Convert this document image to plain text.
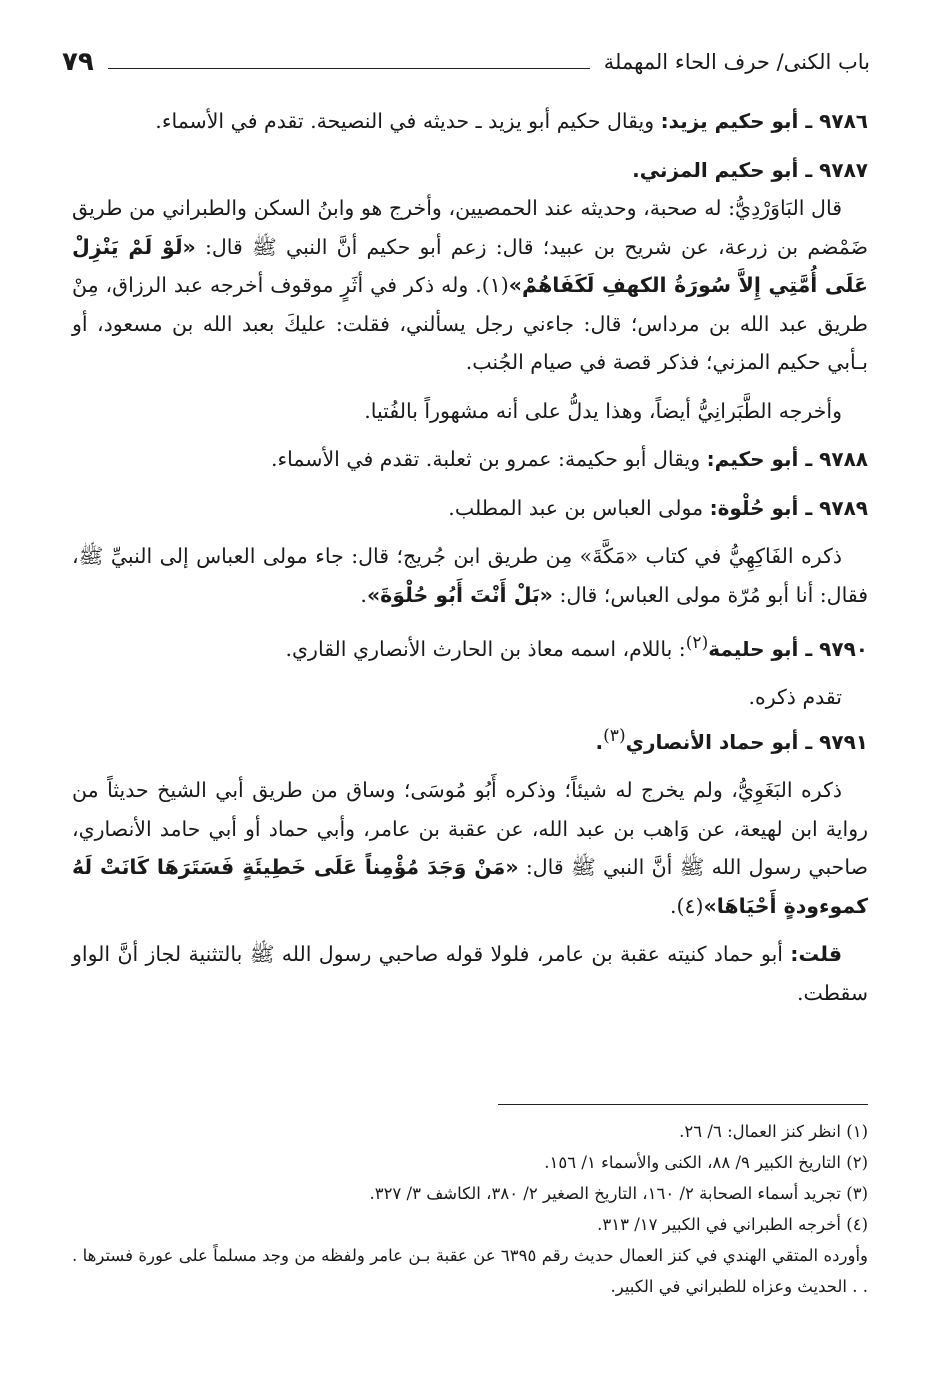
باب الكنى/ حرف الحاء المهملة
٧٩

٩٧٨٦ ـ أبو حكيم يزيد: ويقال حكيم أبو يزيد ـ حديثه في النصيحة. تقدم في الأسماء.

٩٧٨٧ ـ أبو حكيم المزني.

قال البَاوَرْدِيُّ: له صحبة، وحديثه عند الحمصيين، وأخرج هو وابنُ السكن والطبراني من طريق ضَمْضم بن زرعة، عن شريح بن عبيد؛ قال: زعم أبو حكيم أنَّ النبي ﷺ قال: «لَوْ لَمْ يَنْزِلْ عَلَى أُمَّتِي إِلاَّ سُورَةُ الكهفِ لَكَفَاهُمْ»(١). وله ذكر في أثَرٍ موقوف أخرجه عبد الرزاق، مِنْ طريق عبد الله بن مرداس؛ قال: جاءني رجل يسألني، فقلت: عليكَ بعبد الله بن مسعود، أو بـأبي حكيم المزني؛ فذكر قصة في صيام الجُنب.

وأخرجه الطَّبَرانِيُّ أيضاً، وهذا يدلُّ على أنه مشهوراً بالفُتيا.

٩٧٨٨ ـ أبو حكيم: ويقال أبو حكيمة: عمرو بن ثعلبة. تقدم في الأسماء.

٩٧٨٩ ـ أبو حُلْوة: مولى العباس بن عبد المطلب.

ذكره الفَاكِهِيُّ في كتاب «مَكَّةَ» مِن طريق ابن جُريج؛ قال: جاء مولى العباس إلى النبيِّ ﷺ، فقال: أنا أبو مُرّة مولى العباس؛ قال: «بَلْ أَنْتَ أَبُو حُلْوَةَ».

٩٧٩٠ ـ أبو حليمة$^{(٢)}$: باللام، اسمه معاذ بن الحارث الأنصاري القاري.

تقدم ذكره.

٩٧٩١ ـ أبو حماد الأنصاري$^{(٣)}$.

ذكره البَغَوِيُّ، ولم يخرج له شيئاً؛ وذكره أَبُو مُوسَى؛ وساق من طريق أبي الشيخ حديثاً من رواية ابن لهيعة، عن وَاهب بن عبد الله، عن عقبة بن عامر، وأبي حماد أو أبي حامد الأنصاري، صاحبي رسول الله ﷺ أنَّ النبي ﷺ قال: «مَنْ وَجَدَ مُؤْمِناً عَلَى خَطِيئَةٍ فَسَتَرَهَا كَانَتْ لَهُ كموءودةٍ أَحْيَاهَا»(٤).

قلت: أبو حماد كنيته عقبة بن عامر، فلولا قوله صاحبي رسول الله ﷺ بالتثنية لجاز أنَّ الواو سقطت.

(١) انظر كنز العمال: ٦/ ٢٦.

(٢) التاريخ الكبير ٩/ ٨٨، الكنى والأسماء ١/ ١٥٦.

(٣) تجريد أسماء الصحابة ٢/ ١٦٠، التاريخ الصغير ٢/ ٣٨٠، الكاشف ٣/ ٣٢٧.

(٤) أخرجه الطبراني في الكبير ١٧/ ٣١٣.

وأورده المتقي الهندي في كنز العمال حديث رقم ٦٣٩٥ عن عقبة بـن عامر ولفظه من وجد مسلماً على عورة فسترها . . . الحديث وعزاه للطبراني في الكبير.
